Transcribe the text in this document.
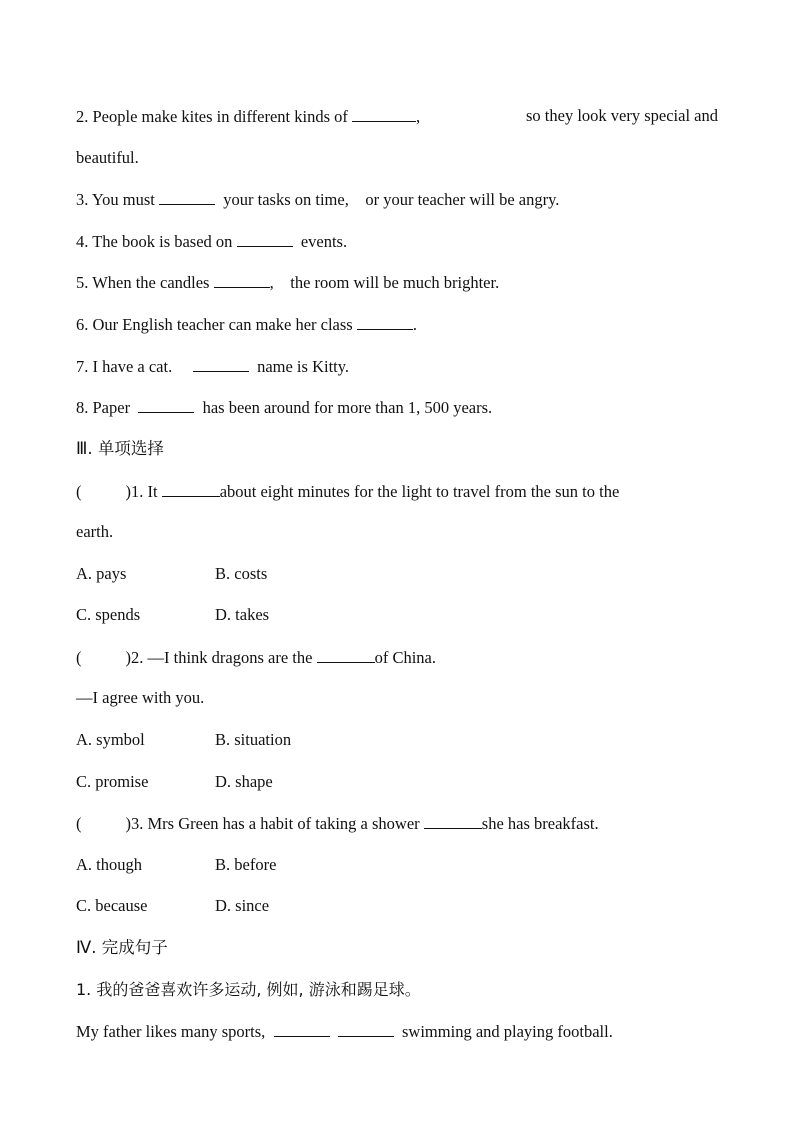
2. People make kites in different kinds of	,	so they look very special and
beautiful.
3. You must	your tasks on time, or your teacher will be angry.
4. The book is based on	events.
5. When the candles	, the room will be much brighter.
6. Our English teacher can make her class	.
7. I have a cat.	name is Kitty.
8. Paper	has been around for more than 1, 500 years.
Ⅲ. 单项选择
(	)1. It	about eight minutes for the light to travel from the sun to the
earth.
A. pays	B. costs
C. spends	D. takes
(	)2. —I think dragons are the	of China.
—I agree with you.
A. symbol	B. situation
C. promise	D. shape
(	)3. Mrs Green has a habit of taking a shower	she has breakfast.
A. though	B. before
C. because	D. since
Ⅳ. 完成句子
1. 我的爸爸喜欢许多运动, 例如, 游泳和踢足球。
My father likes many sports,	swimming and playing football.
